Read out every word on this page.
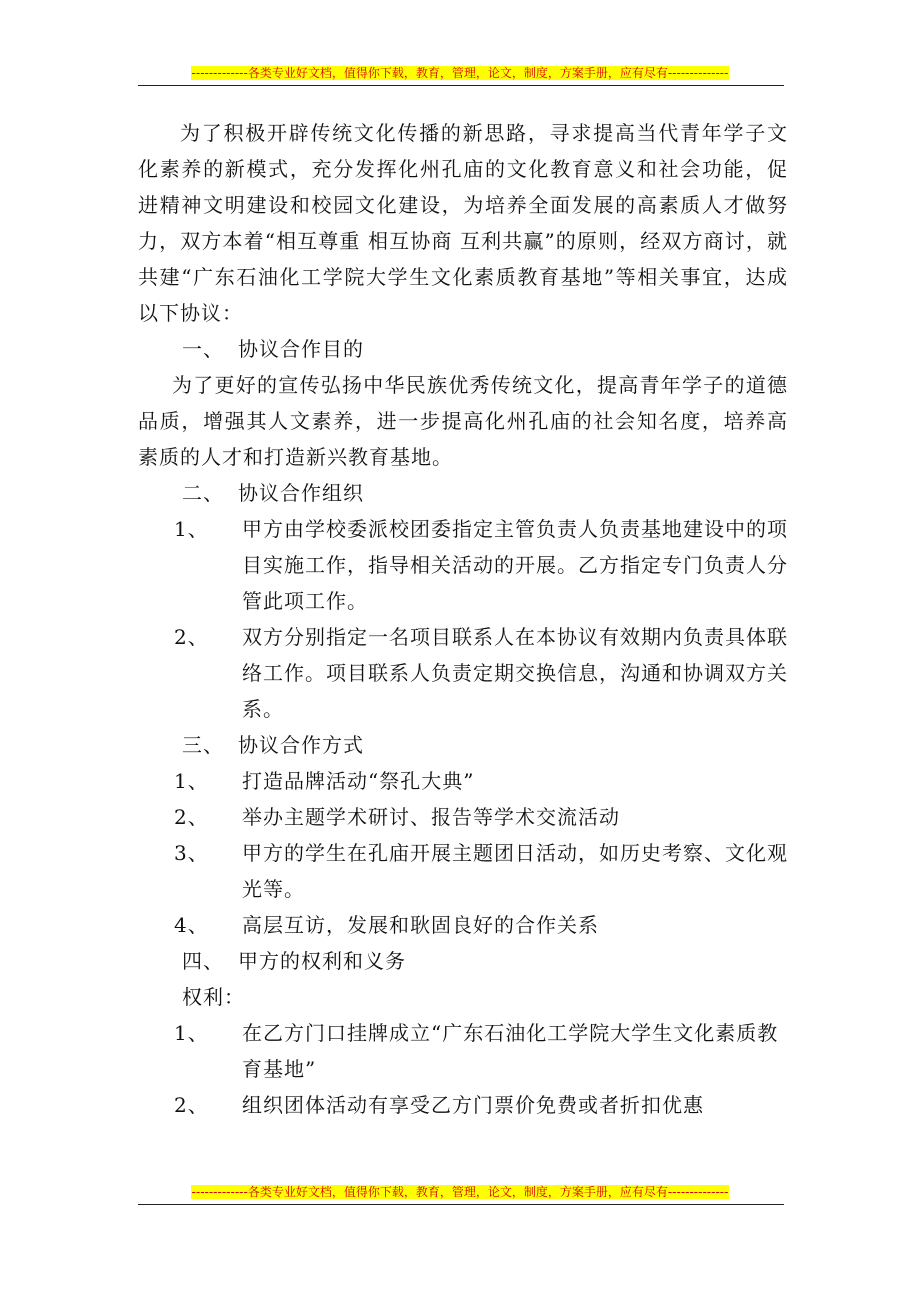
-------------各类专业好文档，值得你下载，教育，管理，论文，制度，方案手册，应有尽有--------------

为了积极开辟传统文化传播的新思路，寻求提高当代青年学子文化素养的新模式，充分发挥化州孔庙的文化教育意义和社会功能，促进精神文明建设和校园文化建设，为培养全面发展的高素质人才做努力，双方本着“相互尊重 相互协商 互利共赢”的原则，经双方商讨，就共建“广东石油化工学院大学生文化素质教育基地”等相关事宜，达成以下协议：

一、 协议合作目的

为了更好的宣传弘扬中华民族优秀传统文化，提高青年学子的道德品质，增强其人文素养，进一步提高化州孔庙的社会知名度，培养高素质的人才和打造新兴教育基地。

二、 协议合作组织

1、 甲方由学校委派校团委指定主管负责人负责基地建设中的项目实施工作，指导相关活动的开展。乙方指定专门负责人分管此项工作。
2、 双方分别指定一名项目联系人在本协议有效期内负责具体联络工作。项目联系人负责定期交换信息，沟通和协调双方关系。

三、 协议合作方式

1、 打造品牌活动“祭孔大典”
2、 举办主题学术研讨、报告等学术交流活动
3、 甲方的学生在孔庙开展主题团日活动，如历史考察、文化观光等。
4、 高层互访，发展和耿固良好的合作关系

四、 甲方的权利和义务

权利：

1、 在乙方门口挂牌成立“广东石油化工学院大学生文化素质教育基地”
2、 组织团体活动有享受乙方门票价免费或者折扣优惠
-------------各类专业好文档，值得你下载，教育，管理，论文，制度，方案手册，应有尽有--------------
